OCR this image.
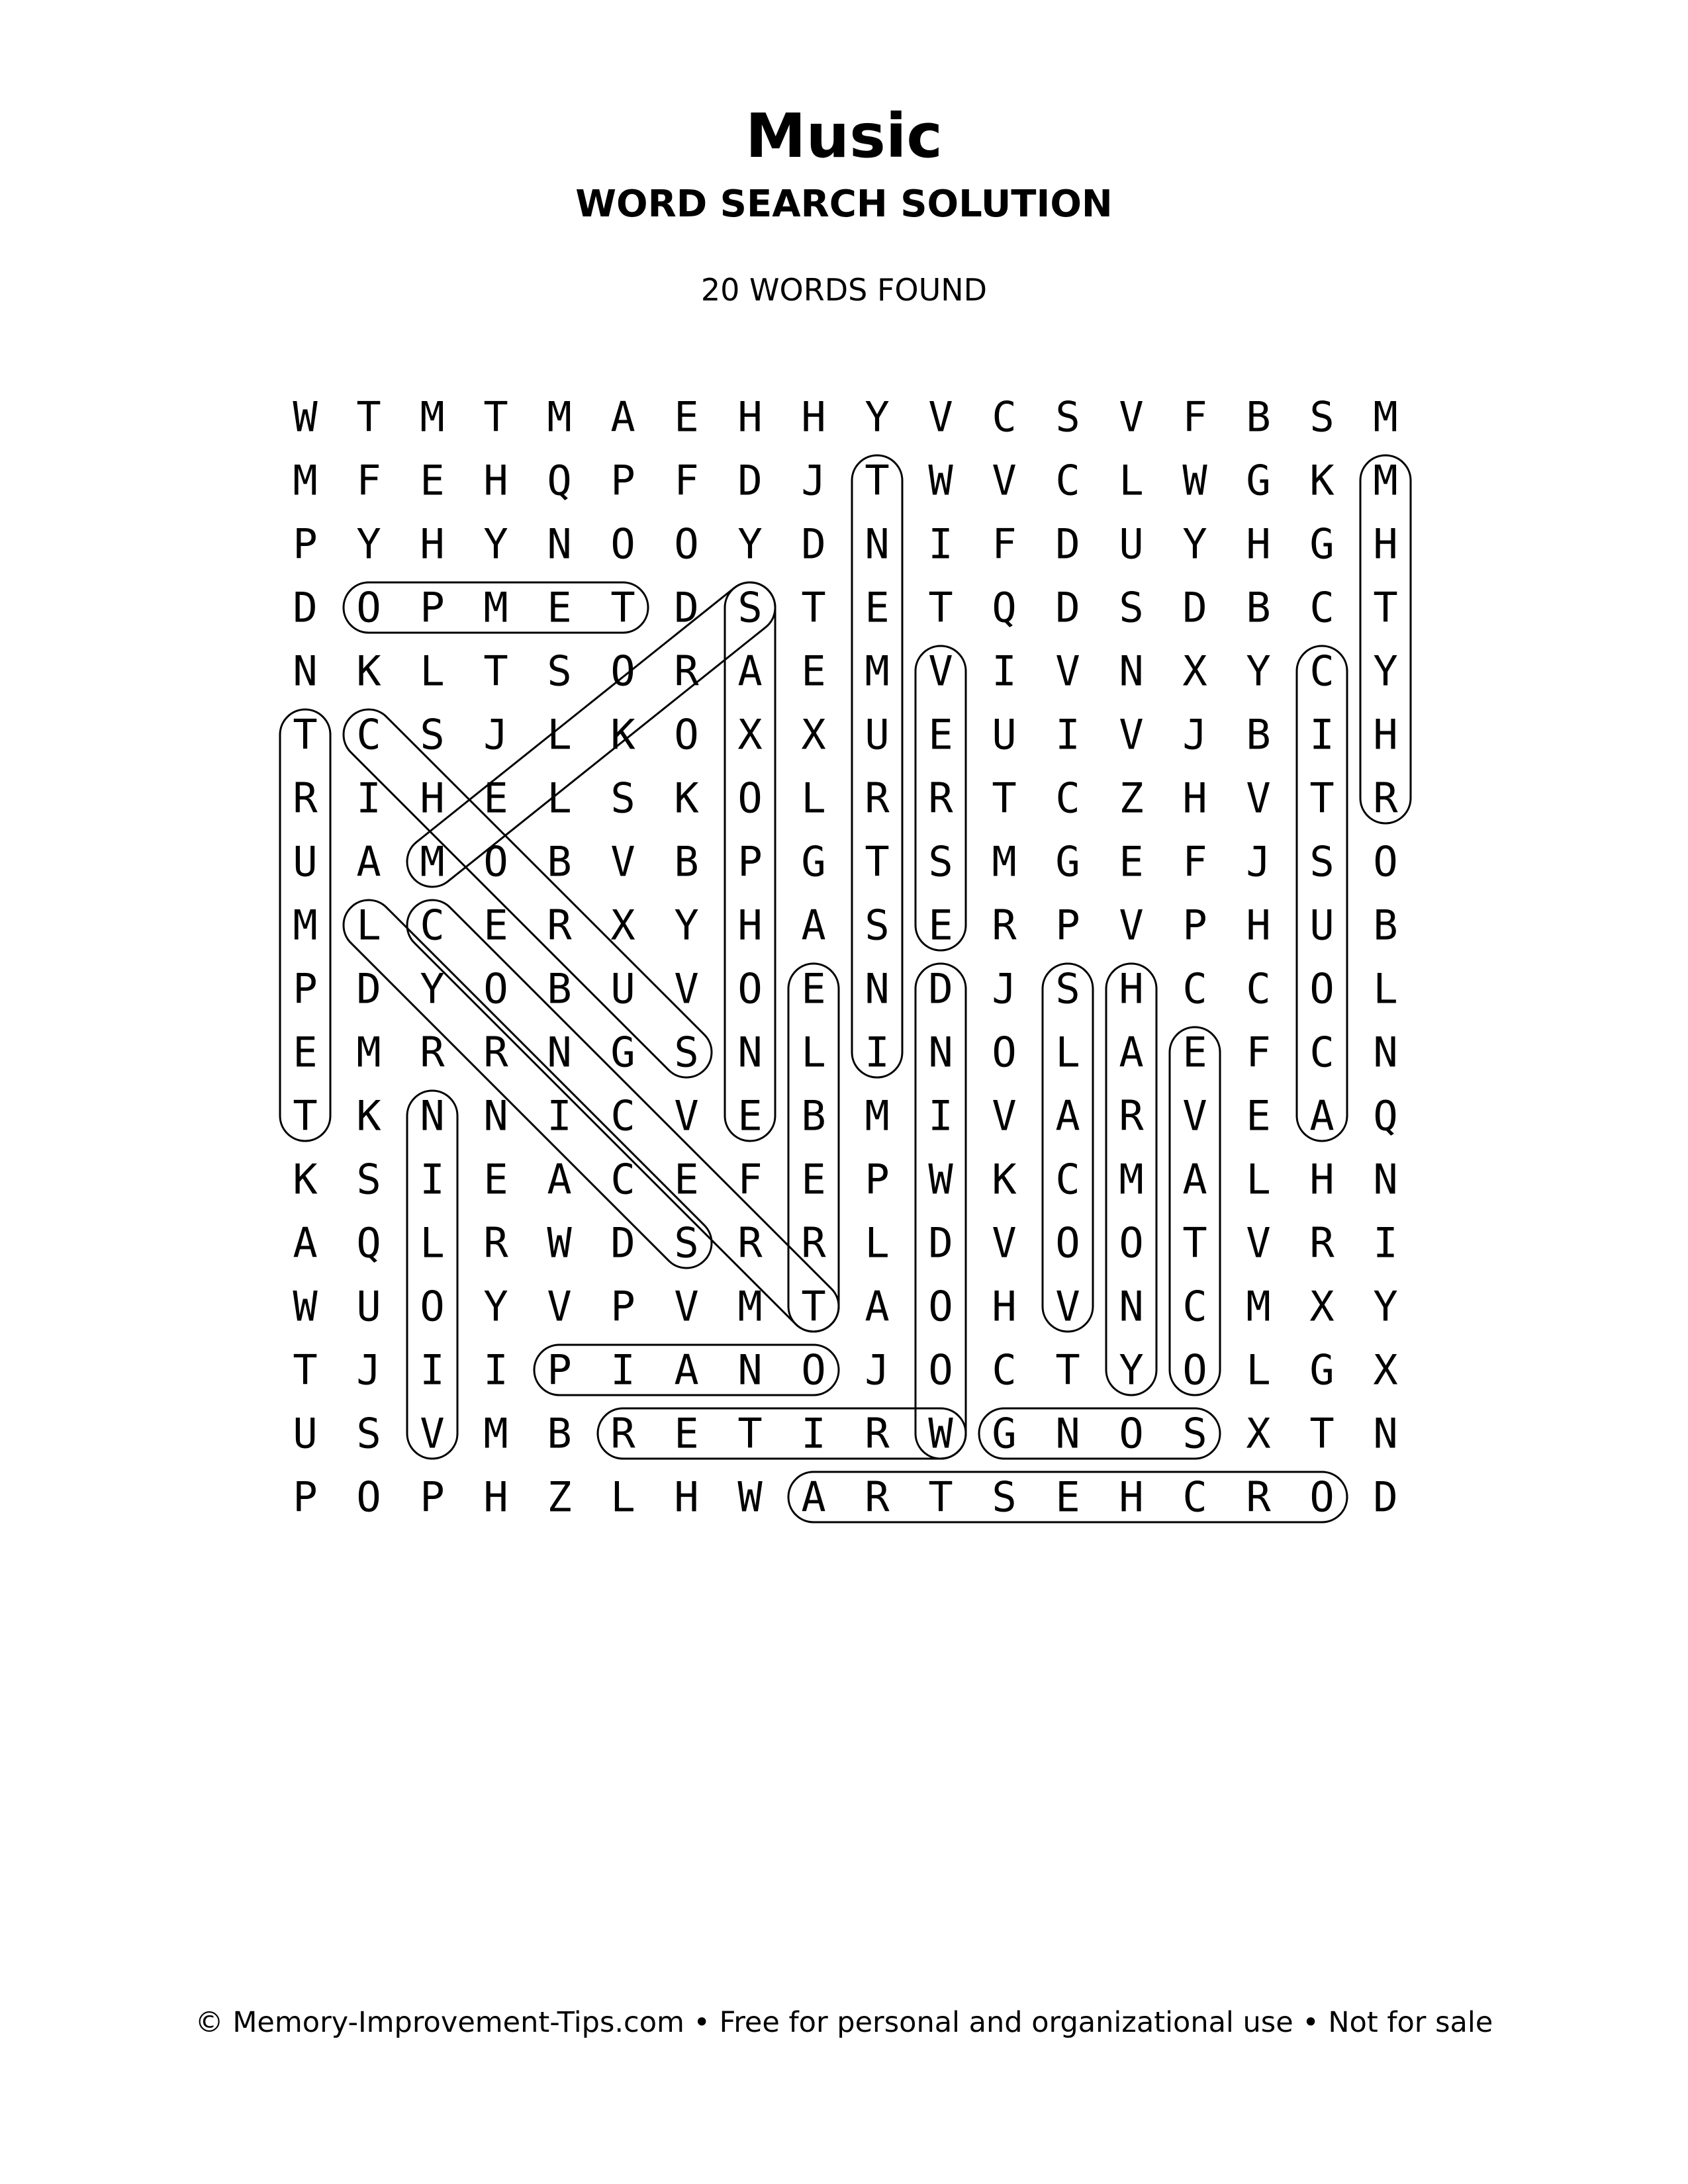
Music
WORD SEARCH SOLUTION
20 WORDS FOUND
W T M T M A E H H Y V C S V F B S M
M F E H Q P F D J T W V C L W G K M
P Y H Y N O O Y D N I F D U Y H G H
D O P M E T D S T E T Q D S D B C T
N K L T S O R A E M V I V N X Y C Y
T C S J L K O X X U E U I V J B I H
R I H E L S K O L R R T C Z H V T R
U A M O B V B P G T S M G E F J S O
M L C E R X Y H A S E R P V P H U B
P D Y O B U V O E N D J S H C C O L
E M R R N G S N L I N O L A E F C N
T K N N I C V E B M I V A R V E A Q
K S I E A C E F E P W K C M A L H N
A Q L R W D S R R L D V O O T V R I
W U O Y V P V M T A O H V N C M X Y
T J I I P I A N O J O C T Y O L G X
U S V M B R E T I R W G N O S X T N
P O P H Z L H W A R T S E H C R O D
© Memory-Improvement-Tips.com • Free for personal and organizational use • Not for sale
